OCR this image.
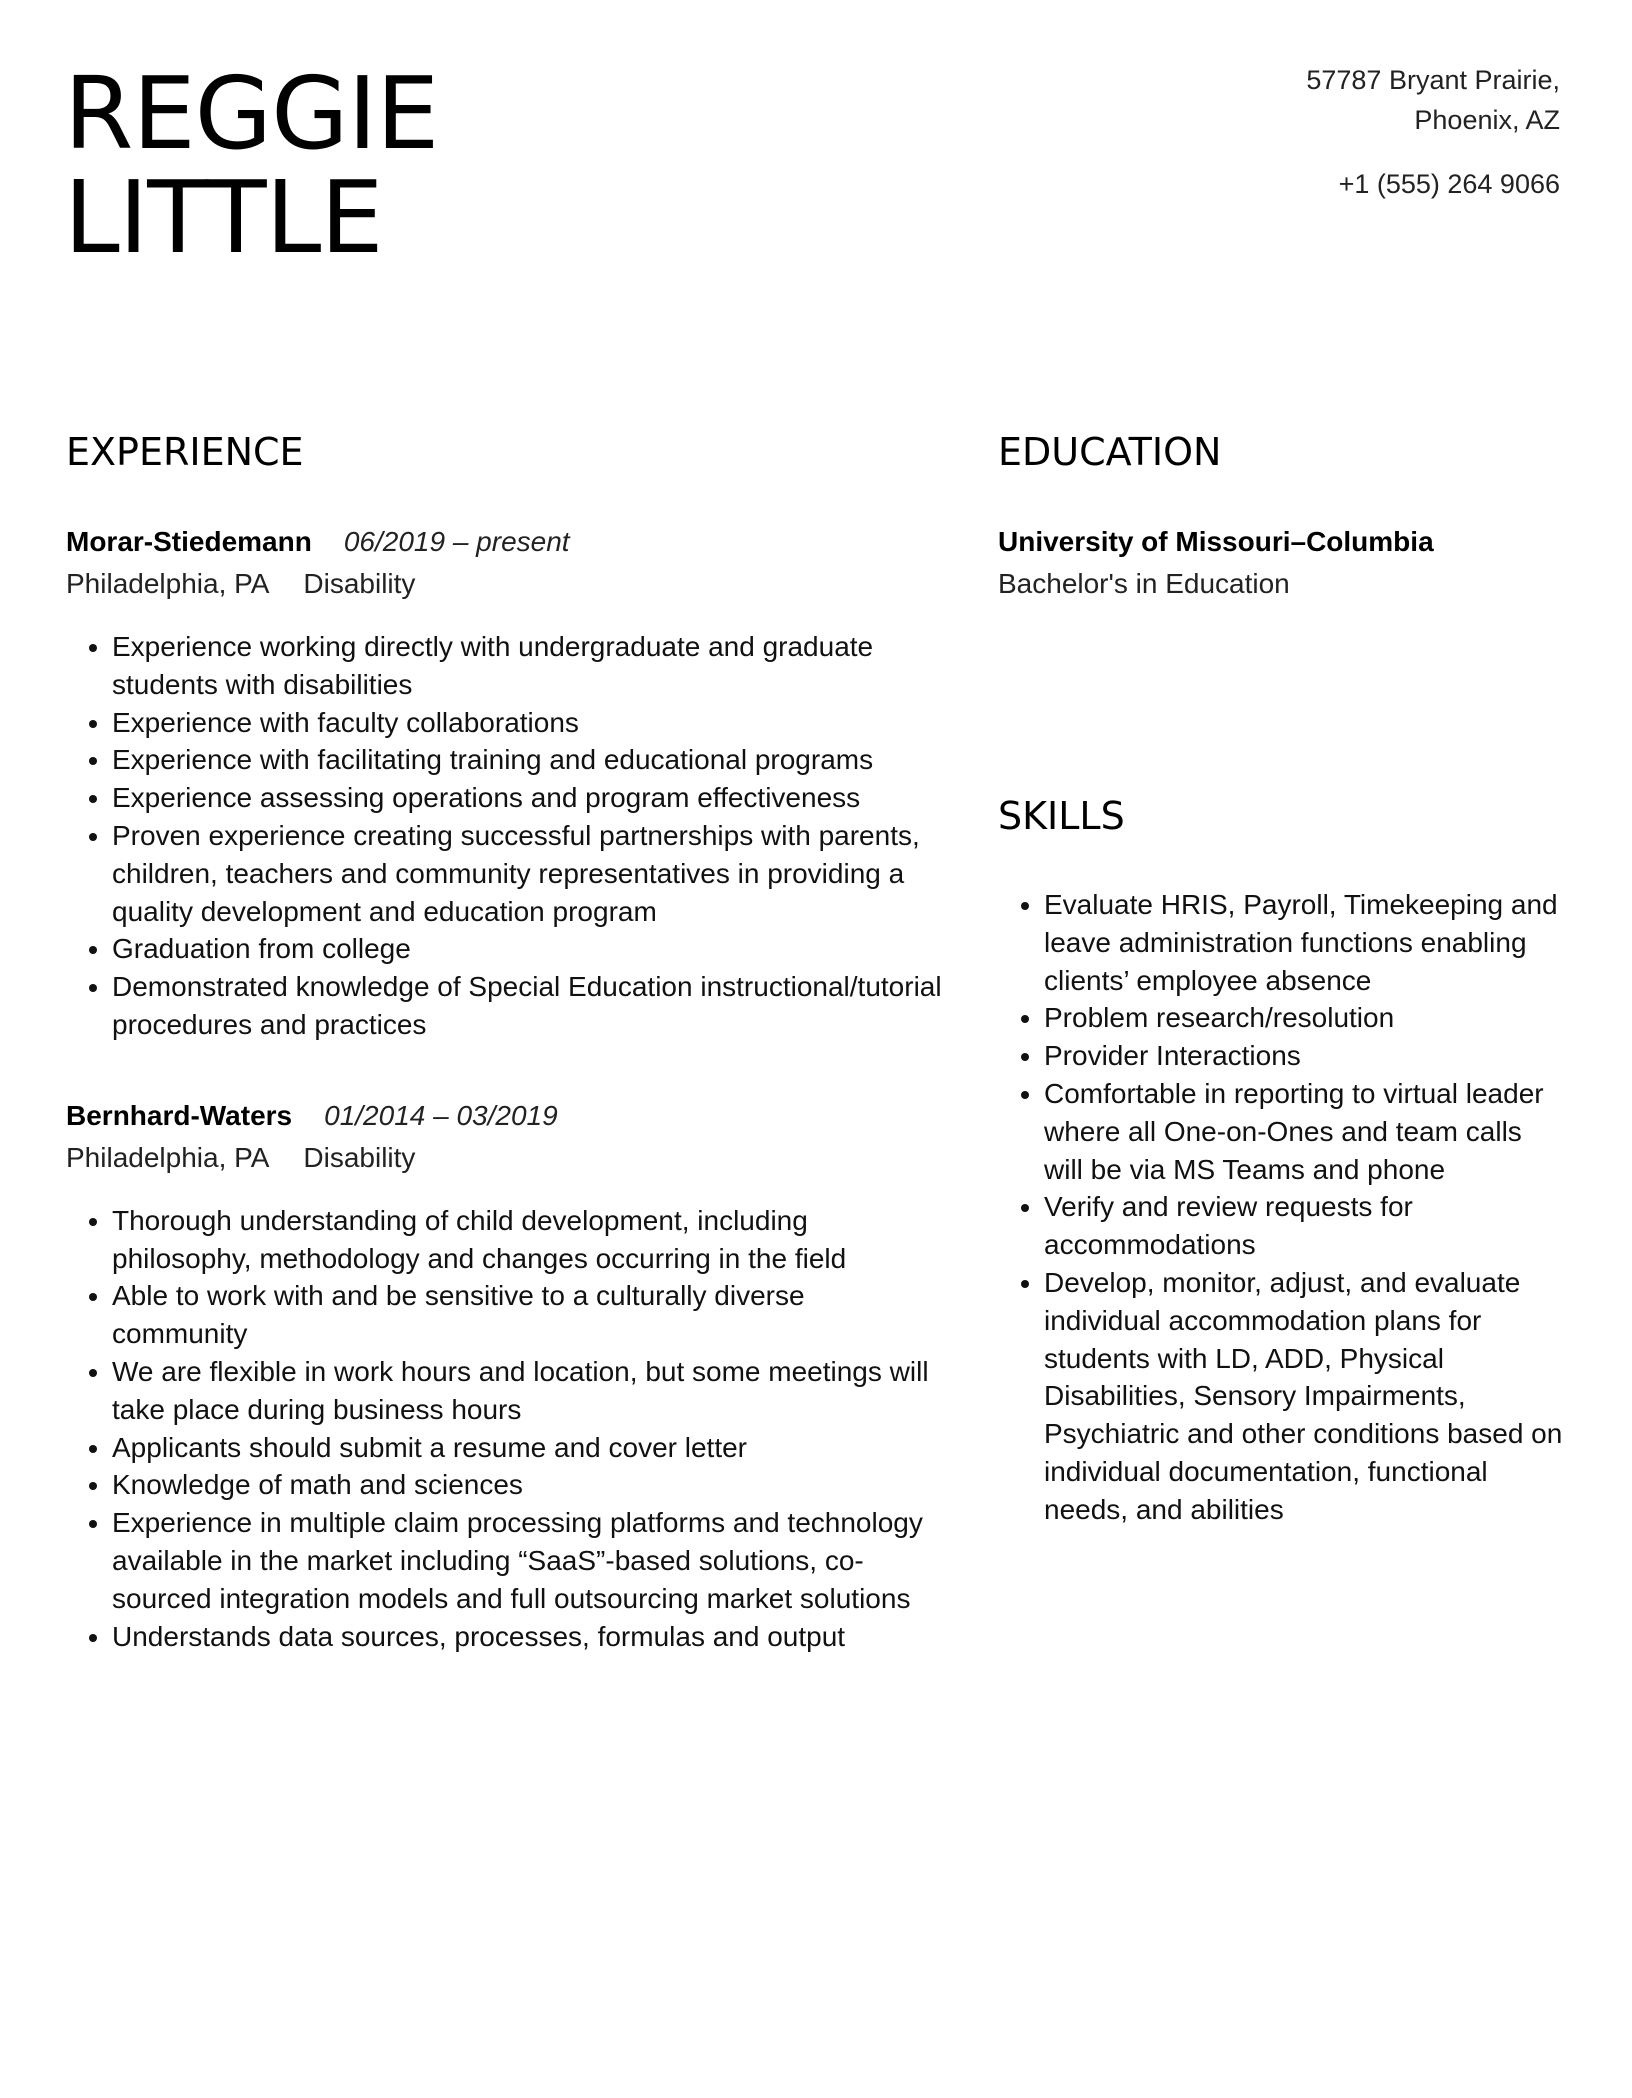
REGGIE
LITTLE
57787 Bryant Prairie,
Phoenix, AZ
+1 (555) 264 9066
EXPERIENCE
Morar-Stiedemann 06/2019 – present
Philadelphia, PA Disability
• Experience working directly with undergraduate and graduate students with disabilities
• Experience with faculty collaborations
• Experience with facilitating training and educational programs
• Experience assessing operations and program effectiveness
• Proven experience creating successful partnerships with parents, children, teachers and community representatives in providing a quality development and education program
• Graduation from college
• Demonstrated knowledge of Special Education instructional/tutorial procedures and practices
Bernhard-Waters 01/2014 – 03/2019
Philadelphia, PA Disability
• Thorough understanding of child development, including philosophy, methodology and changes occurring in the field
• Able to work with and be sensitive to a culturally diverse community
• We are flexible in work hours and location, but some meetings will take place during business hours
• Applicants should submit a resume and cover letter
• Knowledge of math and sciences
• Experience in multiple claim processing platforms and technology available in the market including “SaaS”-based solutions, co-sourced integration models and full outsourcing market solutions
• Understands data sources, processes, formulas and output
EDUCATION
University of Missouri–Columbia
Bachelor's in Education
SKILLS
• Evaluate HRIS, Payroll, Timekeeping and leave administration functions enabling clients’ employee absence
• Problem research/resolution
• Provider Interactions
• Comfortable in reporting to virtual leader where all One-on-Ones and team calls will be via MS Teams and phone
• Verify and review requests for accommodations
• Develop, monitor, adjust, and evaluate individual accommodation plans for students with LD, ADD, Physical Disabilities, Sensory Impairments, Psychiatric and other conditions based on individual documentation, functional needs, and abilities
